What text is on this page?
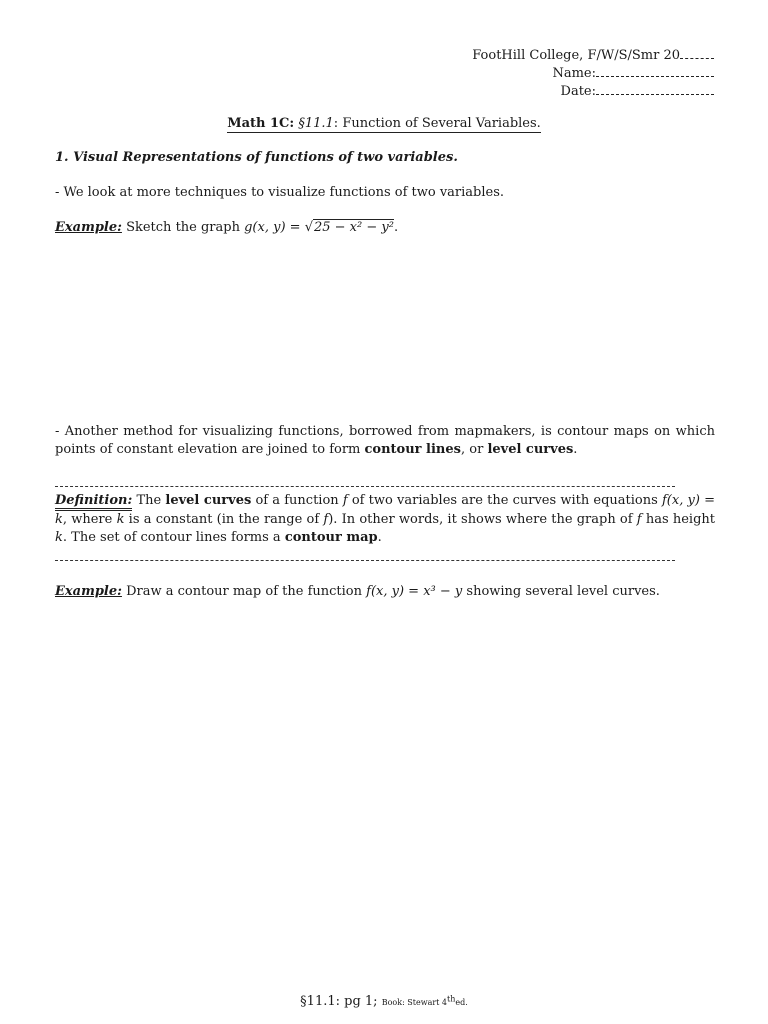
FootHill College, F/W/S/Smr 20
Name:
Date:
Math 1C: §11.1: Function of Several Variables.
1. Visual Representations of functions of two variables.
- We look at more techniques to visualize functions of two variables.
Example: Sketch the graph g(x, y) = √25 − x² − y².
- Another method for visualizing functions, borrowed from mapmakers, is contour maps on which points of constant elevation are joined to form contour lines, or level curves.
Definition: The level curves of a function f of two variables are the curves with equations f(x, y) = k, where k is a constant (in the range of f). In other words, it shows where the graph of f has height k. The set of contour lines forms a contour map.
Example: Draw a contour map of the function f(x, y) = x³ − y showing several level curves.
§11.1: pg 1; Book: Stewart 4thed.
